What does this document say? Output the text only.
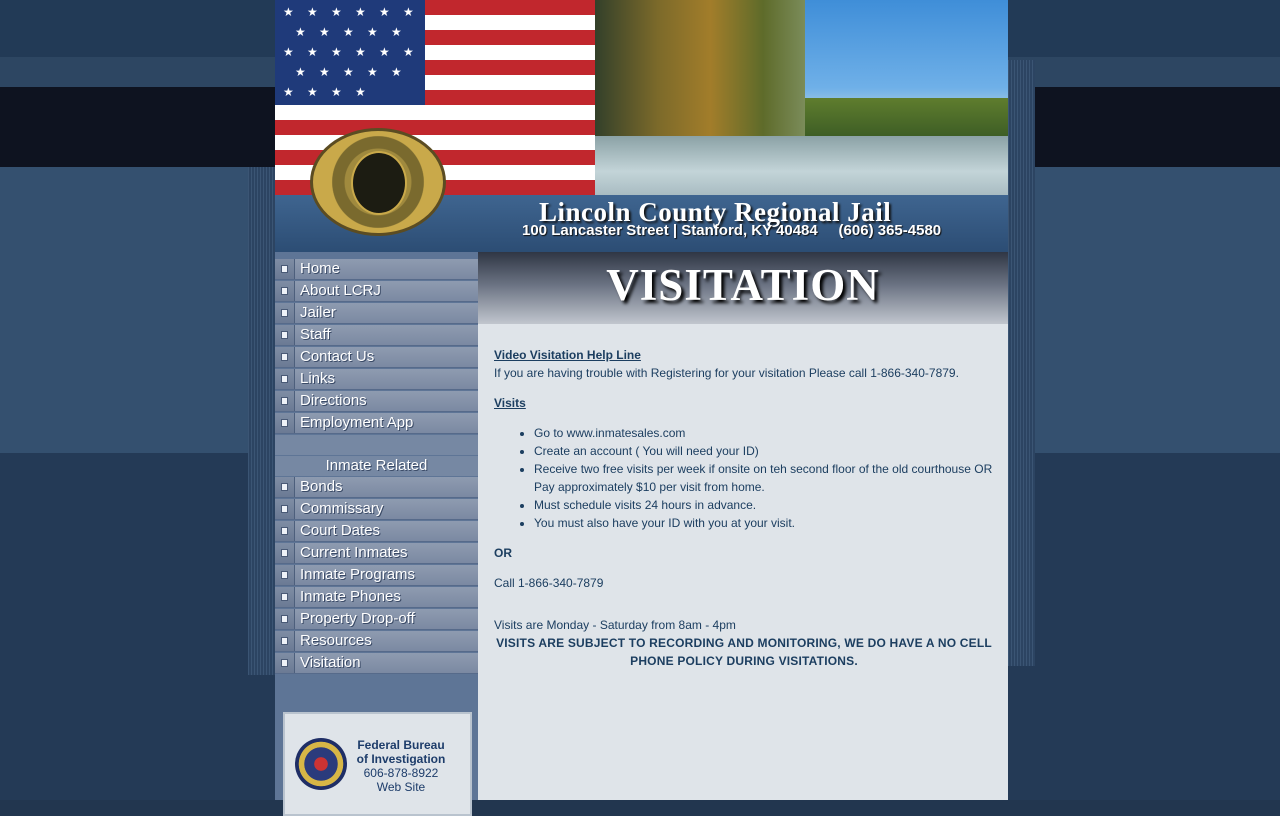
★ ★ ★ ★ ★ ★
★ ★ ★ ★ ★
★ ★ ★ ★ ★ ★
★ ★ ★ ★ ★
★ ★ ★ ★
Lincoln County Regional Jail
100 Lancaster Street | Stanford, KY 40484     (606) 365-4580
Home
About LCRJ
Jailer
Staff
Contact Us
Links
Directions
Employment App
Inmate Related
Bonds
Commissary
Court Dates
Current Inmates
Inmate Programs
Inmate Phones
Property Drop-off
Resources
Visitation
Federal Bureau
of Investigation
606-878-8922
Web Site
VISITATION
Video Visitation Help Line
If you are having trouble with Registering for your visitation Please call 1-866-340-7879.
Visits
• Go to www.inmatesales.com
• Create an account ( You will need your ID)
• Receive two free visits per week if onsite on teh second floor of the old courthouse OR Pay approximately $10 per visit from home.
• Must schedule visits 24 hours in advance.
• You must also have your ID with you at your visit.
OR
Call 1-866-340-7879
Visits are Monday - Saturday from 8am - 4pm
VISITS ARE SUBJECT TO RECORDING AND MONITORING, WE DO HAVE A NO CELL PHONE POLICY DURING VISITATIONS.
